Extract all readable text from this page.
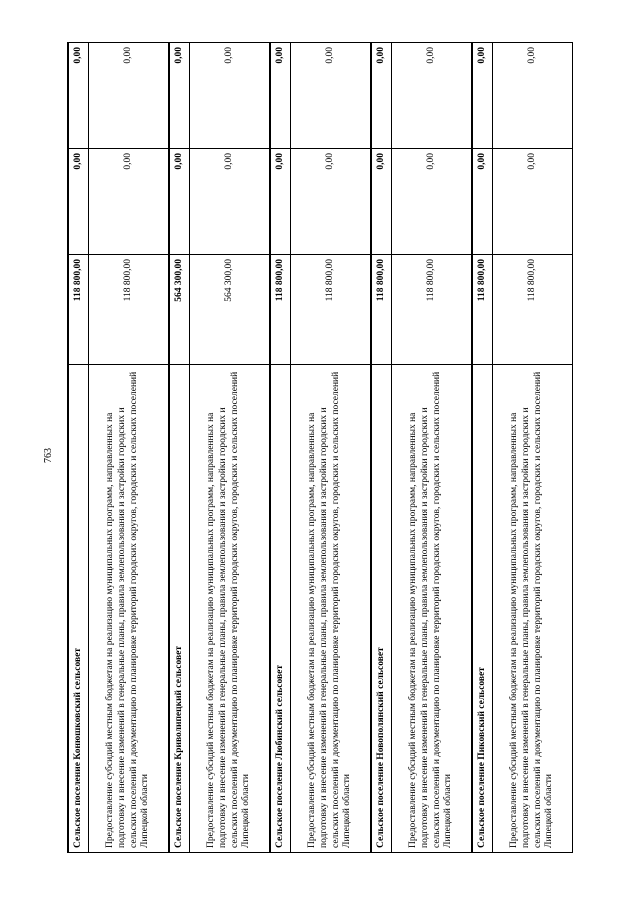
763
Сельское поселение Конюшковский сельсовет	118 800,00	0,00	0,00
Предоставление субсидий местным бюджетам на реализацию муниципальных программ, направленных на подготовку и внесение изменений в генеральные планы, правила землепользования и застройки городских и сельских поселений и документацию по планировке территорий городских округов, городских и сельских поселений Липецкой области	118 800,00	0,00	0,00
Сельское поселение Криволипецкий сельсовет	564 300,00	0,00	0,00
Предоставление субсидий местным бюджетам на реализацию муниципальных программ, направленных на подготовку и внесение изменений в генеральные планы, правила землепользования и застройки городских и сельских поселений и документацию по планировке территорий городских округов, городских и сельских поселений Липецкой области	564 300,00	0,00	0,00
Сельское поселение Любинский сельсовет	118 800,00	0,00	0,00
Предоставление субсидий местным бюджетам на реализацию муниципальных программ, направленных на подготовку и внесение изменений в генеральные планы, правила землепользования и застройки городских и сельских поселений и документацию по планировке территорий городских округов, городских и сельских поселений Липецкой области	118 800,00	0,00	0,00
Сельское поселение Новополянский сельсовет	118 800,00	0,00	0,00
Предоставление субсидий местным бюджетам на реализацию муниципальных программ, направленных на подготовку и внесение изменений в генеральные планы, правила землепользования и застройки городских и сельских поселений и документацию по планировке территорий городских округов, городских и сельских поселений Липецкой области	118 800,00	0,00	0,00
Сельское поселение Пиковский сельсовет	118 800,00	0,00	0,00
Предоставление субсидий местным бюджетам на реализацию муниципальных программ, направленных на подготовку и внесение изменений в генеральные планы, правила землепользования и застройки городских и сельских поселений и документацию по планировке территорий городских округов, городских и сельских поселений Липецкой области	118 800,00	0,00	0,00
